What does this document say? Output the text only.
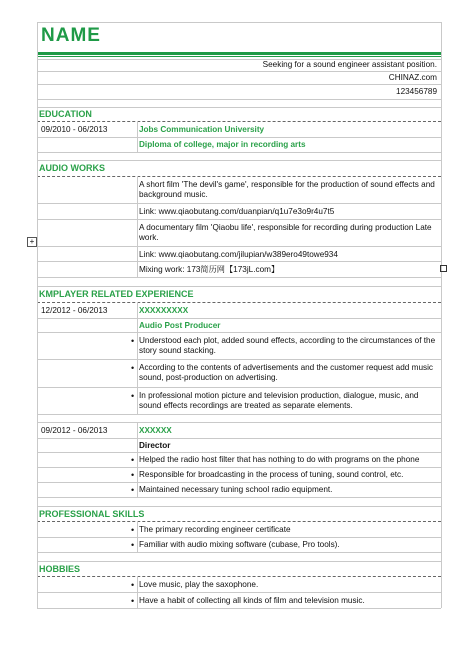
NAME
Seeking for a sound engineer assistant position.
CHINAZ.com
123456789
EDUCATION
09/2010 - 06/2013	Jobs Communication University
Diploma of college, major in recording arts
AUDIO WORKS
A short film 'The devil's game', responsible for the production of sound effects and background music.
Link: www.qiaobutang.com/duanpian/q1u7e3o9r4u7t5
A documentary film 'Qiaobu life', responsible for recording during production Late work.
Link: www.qiaobutang.com/jilupian/w389ero49towe934
Mixing work: 173简历网【173jL.com】
KMPLAYER RELATED EXPERIENCE
12/2012 - 06/2013	XXXXXXXXX
Audio Post Producer
• Understood each plot, added sound effects, according to the circumstances of the story sound stacking.
• According to the contents of advertisements and the customer request add music sound, post-production on advertising.
• In professional motion picture and television production, dialogue, music, and sound effects recordings are treated as separate elements.
09/2012 - 06/2013	XXXXXX
Director
• Helped the radio host filter that has nothing to do with programs on the phone
• Responsible for broadcasting in the process of tuning, sound control, etc.
• Maintained necessary tuning school radio equipment.
PROFESSIONAL SKILLS
• The primary recording engineer certificate
• Familiar with audio mixing software (cubase, Pro tools).
HOBBIES
• Love music, play the saxophone.
• Have a habit of collecting all kinds of film and television music.
+
